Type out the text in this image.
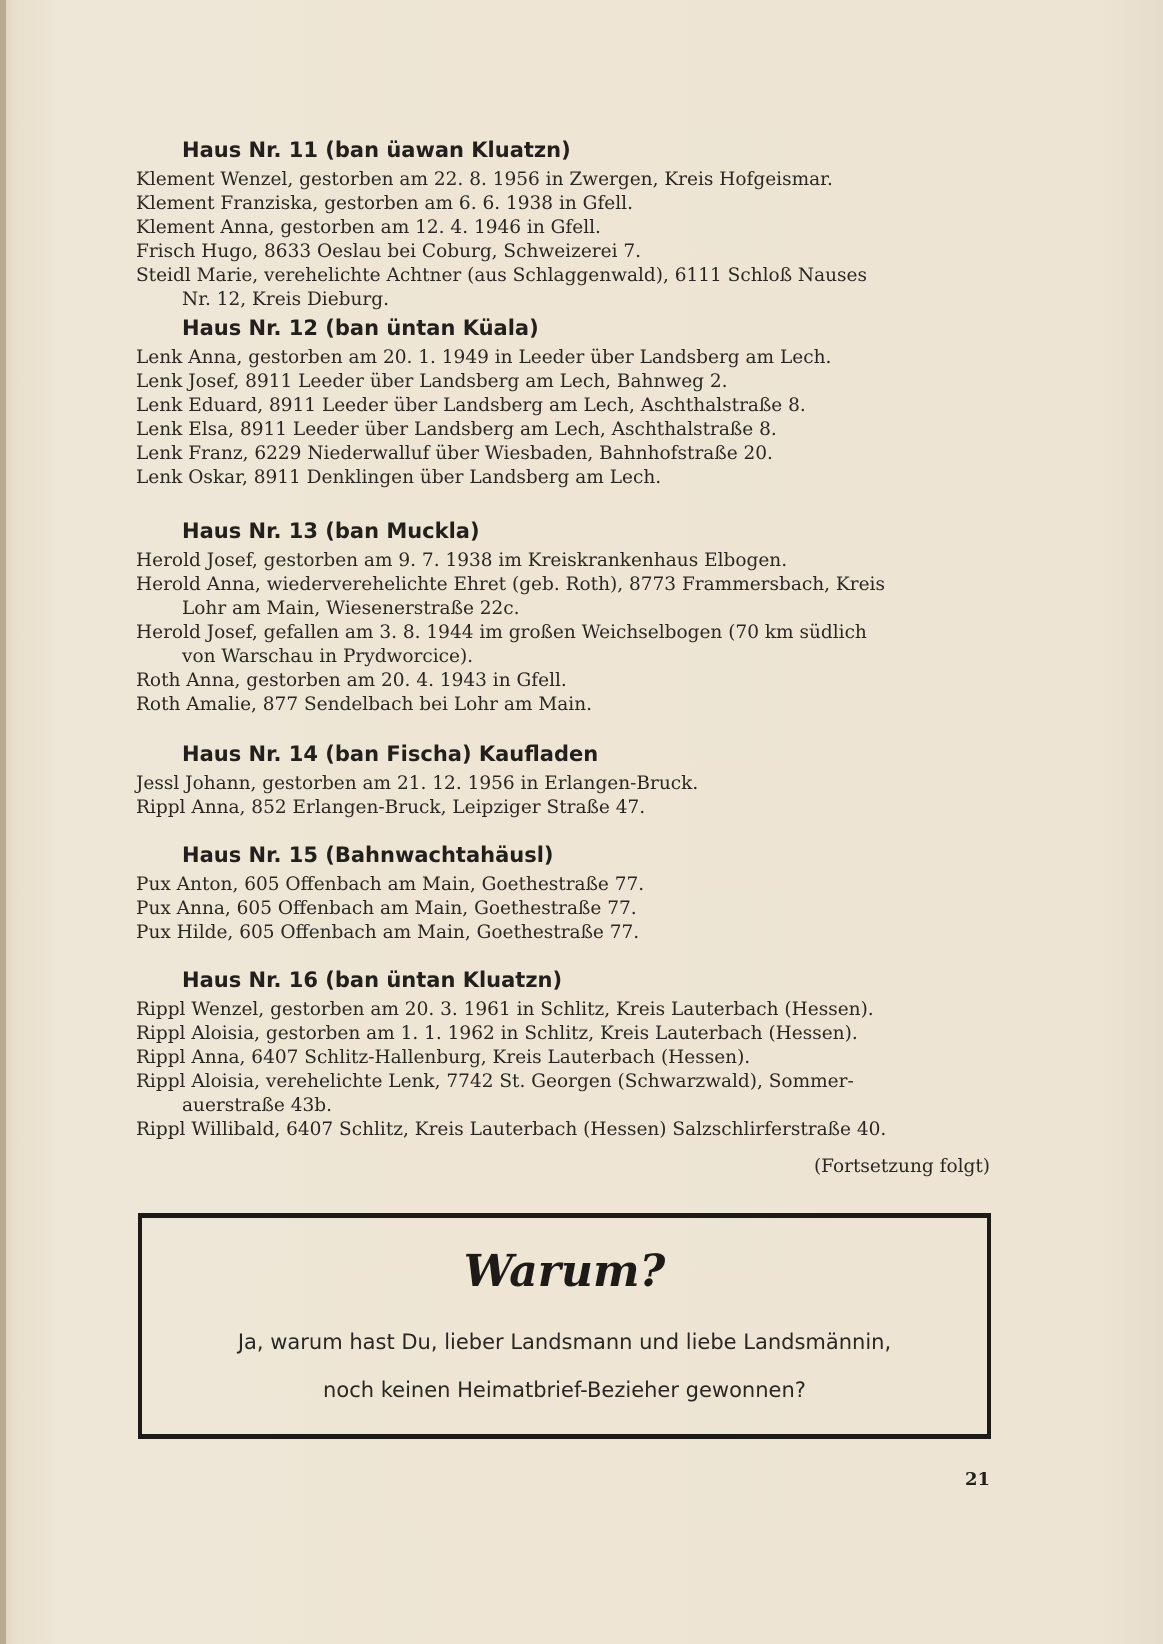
Haus Nr. 11 (ban üawan Kluatzn)
Klement Wenzel, gestorben am 22. 8. 1956 in Zwergen, Kreis Hofgeismar.
Klement Franziska, gestorben am 6. 6. 1938 in Gfell.
Klement Anna, gestorben am 12. 4. 1946 in Gfell.
Frisch Hugo, 8633 Oeslau bei Coburg, Schweizerei 7.
Steidl Marie, verehelichte Achtner (aus Schlaggenwald), 6111 Schloß Nauses
Nr. 12, Kreis Dieburg.
Haus Nr. 12 (ban üntan Küala)
Lenk Anna, gestorben am 20. 1. 1949 in Leeder über Landsberg am Lech.
Lenk Josef, 8911 Leeder über Landsberg am Lech, Bahnweg 2.
Lenk Eduard, 8911 Leeder über Landsberg am Lech, Aschthalstraße 8.
Lenk Elsa, 8911 Leeder über Landsberg am Lech, Aschthalstraße 8.
Lenk Franz, 6229 Niederwalluf über Wiesbaden, Bahnhofstraße 20.
Lenk Oskar, 8911 Denklingen über Landsberg am Lech.
Haus Nr. 13 (ban Muckla)
Herold Josef, gestorben am 9. 7. 1938 im Kreiskrankenhaus Elbogen.
Herold Anna, wiederverehelichte Ehret (geb. Roth), 8773 Frammersbach, Kreis
Lohr am Main, Wiesenerstraße 22c.
Herold Josef, gefallen am 3. 8. 1944 im großen Weichselbogen (70 km südlich
von Warschau in Prydworcice).
Roth Anna, gestorben am 20. 4. 1943 in Gfell.
Roth Amalie, 877 Sendelbach bei Lohr am Main.
Haus Nr. 14 (ban Fischa) Kaufladen
Jessl Johann, gestorben am 21. 12. 1956 in Erlangen-Bruck.
Rippl Anna, 852 Erlangen-Bruck, Leipziger Straße 47.
Haus Nr. 15 (Bahnwachtahäusl)
Pux Anton, 605 Offenbach am Main, Goethestraße 77.
Pux Anna, 605 Offenbach am Main, Goethestraße 77.
Pux Hilde, 605 Offenbach am Main, Goethestraße 77.
Haus Nr. 16 (ban üntan Kluatzn)
Rippl Wenzel, gestorben am 20. 3. 1961 in Schlitz, Kreis Lauterbach (Hessen).
Rippl Aloisia, gestorben am 1. 1. 1962 in Schlitz, Kreis Lauterbach (Hessen).
Rippl Anna, 6407 Schlitz-Hallenburg, Kreis Lauterbach (Hessen).
Rippl Aloisia, verehelichte Lenk, 7742 St. Georgen (Schwarzwald), Sommer-
auerstraße 43b.
Rippl Willibald, 6407 Schlitz, Kreis Lauterbach (Hessen) Salzschlirferstraße 40.
(Fortsetzung folgt)
Warum?
Ja, warum hast Du, lieber Landsmann und liebe Landsmännin,
noch keinen Heimatbrief-Bezieher gewonnen?
21
